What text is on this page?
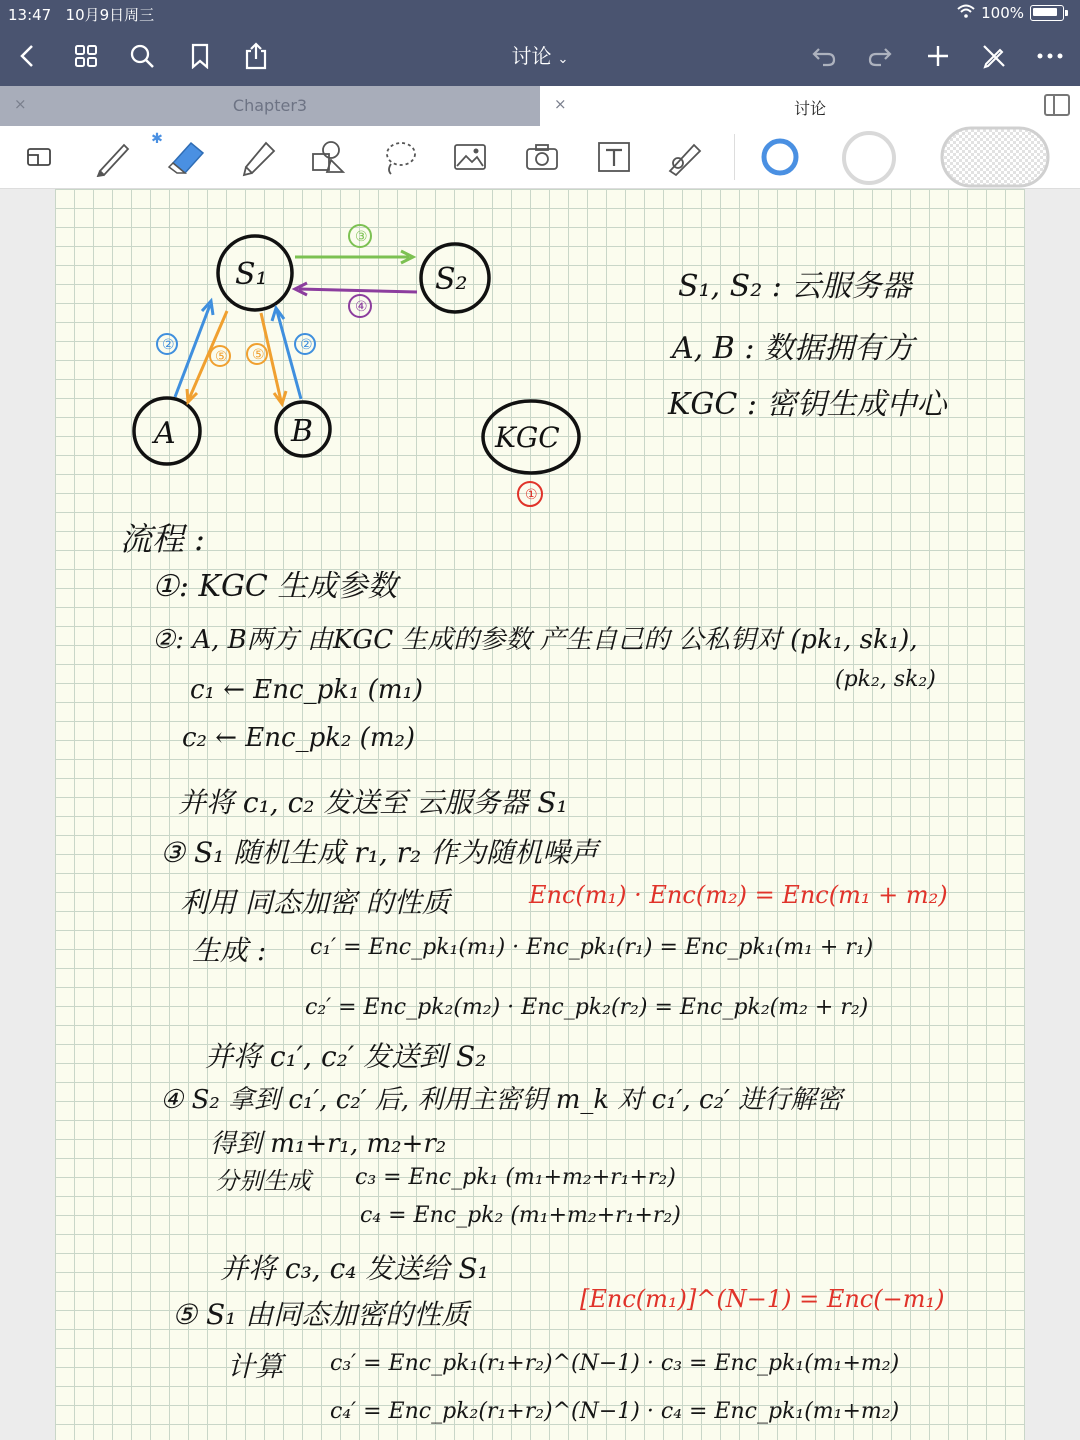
13:47 10月9日周三	100%
讨论 ⌄
×	Chapter3	×	讨论
✱
S₁	S₂
A	B	KGC
③
④
②
⑤ ⑤
②
①
S₁, S₂ : 云服务器
A, B : 数据拥有方
KGC : 密钥生成中心
流程 :
①: KGC 生成参数
②: A, B两方 由KGC 生成的参数 产生自己的 公私钥对 (pk₁, sk₁),
(pk₂, sk₂)
c₁ ← Enc_pk₁ (m₁)
c₂ ← Enc_pk₂ (m₂)
并将 c₁, c₂ 发送至 云服务器 S₁
③ S₁ 随机生成 r₁, r₂ 作为随机噪声
利用 同态加密 的性质	Enc(m₁) · Enc(m₂) = Enc(m₁ + m₂)
生成 : c₁′ = Enc_pk₁(m₁) · Enc_pk₁(r₁) = Enc_pk₁(m₁ + r₁)
c₂′ = Enc_pk₂(m₂) · Enc_pk₂(r₂) = Enc_pk₂(m₂ + r₂)
并将 c₁′, c₂′ 发送到 S₂
④ S₂ 拿到 c₁′, c₂′ 后, 利用主密钥 m_k 对 c₁′, c₂′ 进行解密
得到 m₁+r₁, m₂+r₂
分别生成 c₃ = Enc_pk₁ (m₁+m₂+r₁+r₂)
c₄ = Enc_pk₂ (m₁+m₂+r₁+r₂)
并将 c₃, c₄ 发送给 S₁
⑤ S₁ 由同态加密的性质	[Enc(m₁)]^(N−1) = Enc(−m₁)
计算 c₃′ = Enc_pk₁(r₁+r₂)^(N−1) · c₃ = Enc_pk₁(m₁+m₂)
c₄′ = Enc_pk₂(r₁+r₂)^(N−1) · c₄ = Enc_pk₁(m₁+m₂)
